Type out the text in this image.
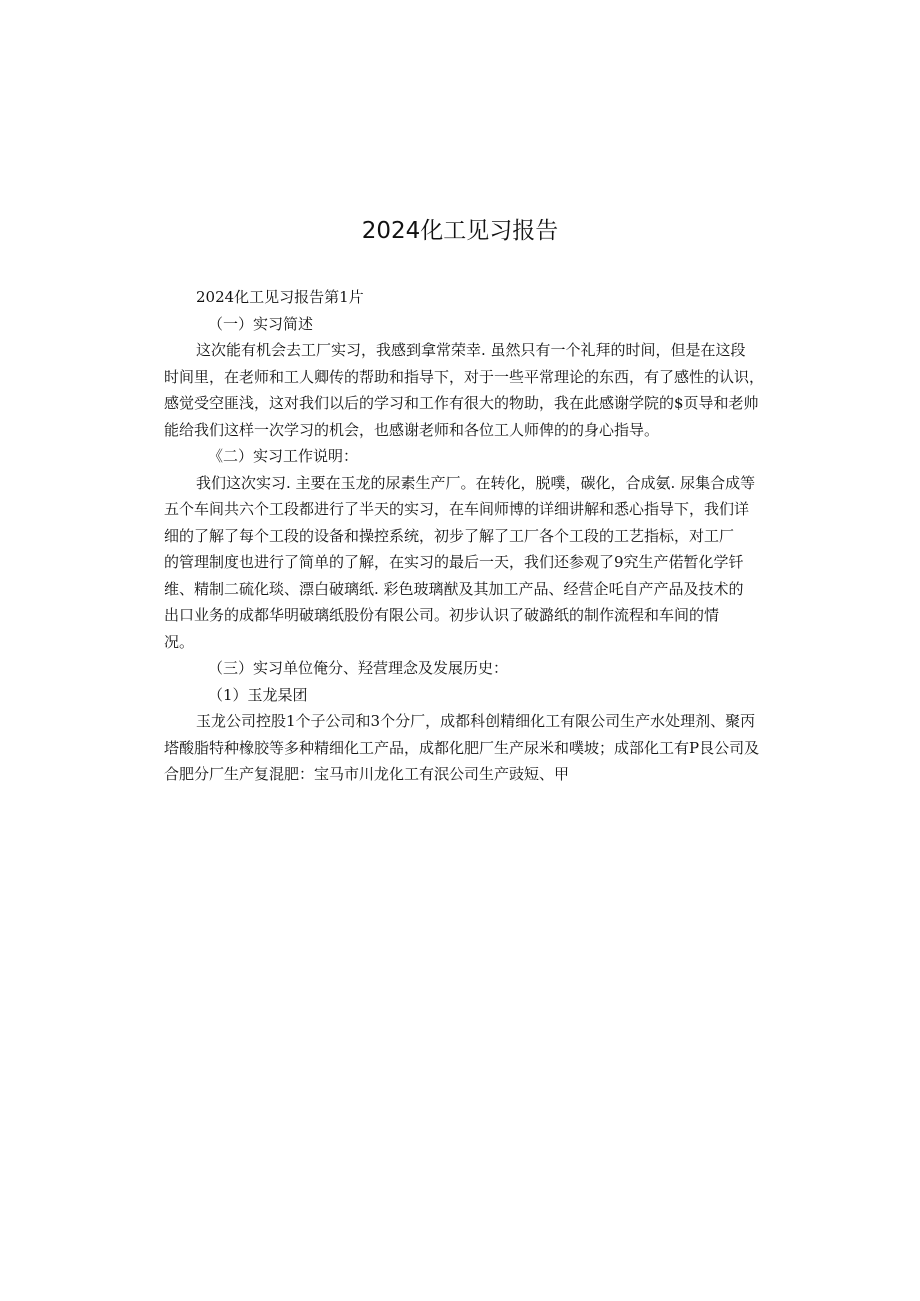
2024化工见习报告
2024化工见习报告第1片
（一）实习简述
这次能有机会去工厂实习，我感到拿常荣幸. 虽然只有一个礼拜的时间，但是在这段
时间里，在老师和工人卿传的帮助和指导下，对于一些平常理论的东西，有了感性的认识，
感觉受空匪浅，这对我们以后的学习和工作有很大的物助，我在此感谢学院的$页导和老帅
能给我们这样一次学习的机会，也感谢老师和各位工人师俾的的身心指导。
《二）实习工作说明：
我们这次实习. 主要在玉龙的尿素生产厂。在转化，脱噗，碳化，合成氨. 尿集合成等
五个车间共六个工段都进行了半天的实习，在车间师博的详细讲解和悉心指导下，我们详
细的了解了每个工段的设备和操控系统，初步了解了工厂各个工段的工艺指标，对工厂
的管理制度也进行了简单的了解，在实习的最后一天，我们还参观了9究生产偌暂化学钎
维、精制二硫化琰、漂白破璃纸. 彩色玻璃猷及其加工产品、经营企吒自产产品及技术的
出口业务的成都华明破璃纸股份有限公司。初步认识了破潞纸的制作流程和车间的情
况。
（三）实习单位俺分、羟营理念及发展历史：
（1）玉龙杲团
玉龙公司控股1个子公司和3个分厂，成都科创精细化工有限公司生产水处理剂、聚丙
塔酸脂特种橡胶等多种精细化工产品，成都化肥厂生产尿米和噗坡；成部化工有P艮公司及
合肥分厂生产复混肥：宝马市川龙化工有泯公司生产豉短、甲
